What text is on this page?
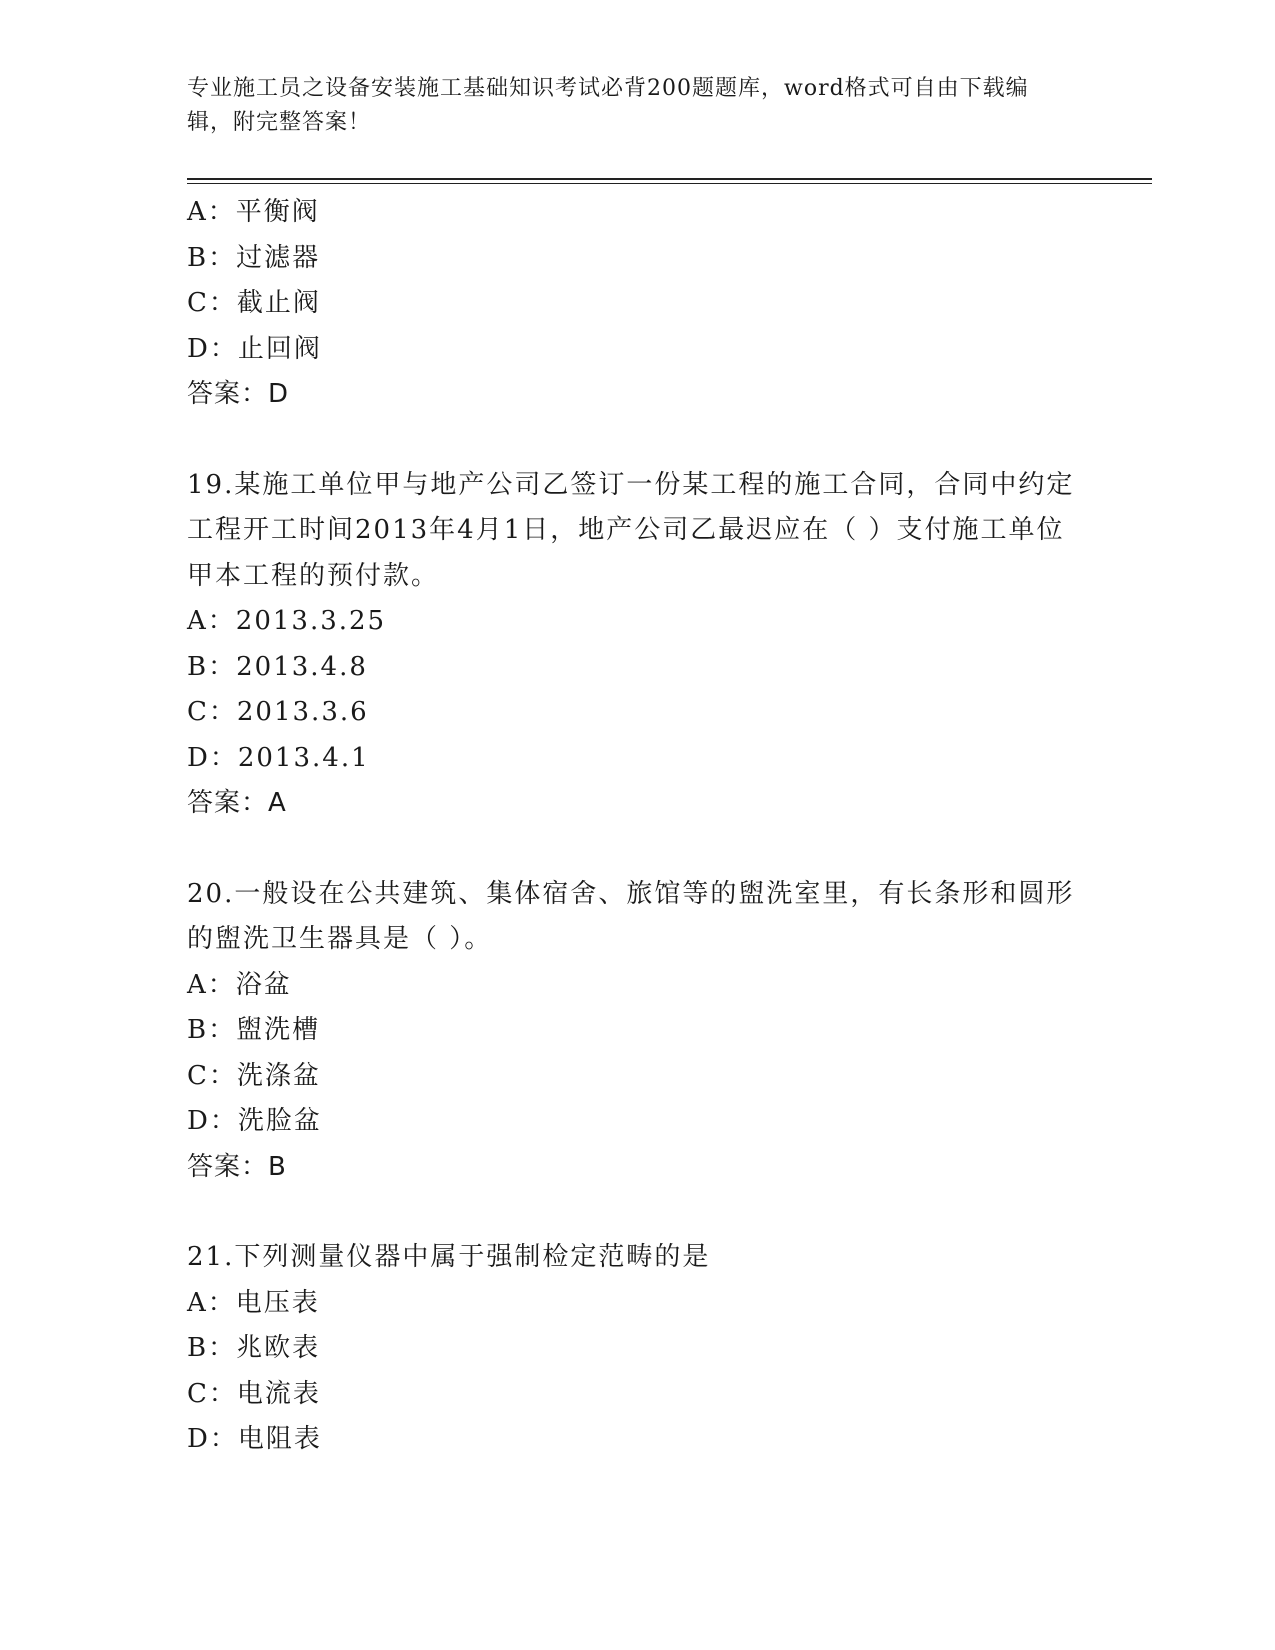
专业施工员之设备安装施工基础知识考试必背200题题库，word格式可自由下载编辑，附完整答案！
A：平衡阀
B：过滤器
C：截止阀
D：止回阀
答案：D
19.某施工单位甲与地产公司乙签订一份某工程的施工合同，合同中约定工程开工时间2013年4月1日，地产公司乙最迟应在（ ）支付施工单位甲本工程的预付款。
A：2013.3.25
B：2013.4.8
C：2013.3.6
D：2013.4.1
答案：A
20.一般设在公共建筑、集体宿舍、旅馆等的盥洗室里，有长条形和圆形的盥洗卫生器具是（ ）。
A：浴盆
B：盥洗槽
C：洗涤盆
D：洗脸盆
答案：B
21.下列测量仪器中属于强制检定范畴的是
A：电压表
B：兆欧表
C：电流表
D：电阻表
